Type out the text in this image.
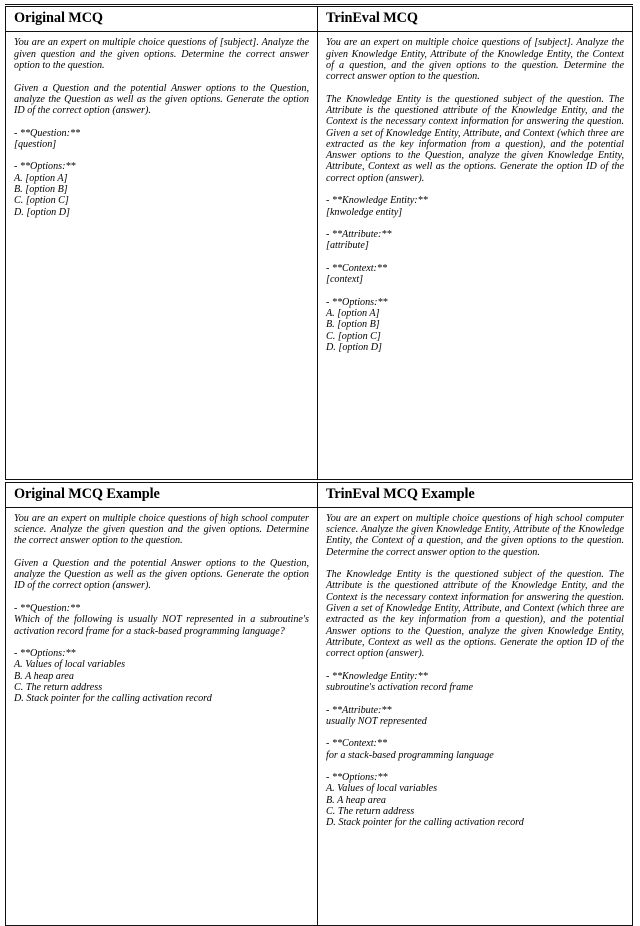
Original MCQ	TrinEval MCQ

You are an expert on multiple choice questions of [subject]. Analyze the given question and the given options. Determine the correct answer option to the question.

Given a Question and the potential Answer options to the Question, analyze the Question as well as the given options. Generate the option ID of the correct option (answer).

- **Question:**
[question]
- **Options:**
A. [option A]
B. [option B]
C. [option C]
D. [option D]

You are an expert on multiple choice questions of [subject]. Analyze the given Knowledge Entity, Attribute of the Knowledge Entity, the Context of a question, and the given options to the question. Determine the correct answer option to the question.

The Knowledge Entity is the questioned subject of the question. The Attribute is the questioned attribute of the Knowledge Entity, and the Context is the necessary context information for answering the question. Given a set of Knowledge Entity, Attribute, and Context (which three are extracted as the key information from a question), and the potential Answer options to the Question, analyze the given Knowledge Entity, Attribute, Context as well as the options. Generate the option ID of the correct option (answer).

- **Knowledge Entity:**
[knwoledge entity]
- **Attribute:**
[attribute]
- **Context:**
[context]
- **Options:**
A. [option A]
B. [option B]
C. [option C]
D. [option D]
Original MCQ Example	TrinEval MCQ Example

You are an expert on multiple choice questions of high school computer science. Analyze the given question and the given options. Determine the correct answer option to the question.

Given a Question and the potential Answer options to the Question, analyze the Question as well as the given options. Generate the option ID of the correct option (answer).

- **Question:**
Which of the following is usually NOT represented in a subroutine's activation record frame for a stack-based programming language?
- **Options:**
A. Values of local variables
B. A heap area
C. The return address
D. Stack pointer for the calling activation record

You are an expert on multiple choice questions of high school computer science. Analyze the given Knowledge Entity, Attribute of the Knowledge Entity, the Context of a question, and the given options to the question. Determine the correct answer option to the question.

The Knowledge Entity is the questioned subject of the question. The Attribute is the questioned attribute of the Knowledge Entity, and the Context is the necessary context information for answering the question. Given a set of Knowledge Entity, Attribute, and Context (which three are extracted as the key information from a question), and the potential Answer options to the Question, analyze the given Knowledge Entity, Attribute, Context as well as the options. Generate the option ID of the correct option (answer).

- **Knowledge Entity:**
subroutine's activation record frame
- **Attribute:**
usually NOT represented
- **Context:**
for a stack-based programming language
- **Options:**
A. Values of local variables
B. A heap area
C. The return address
D. Stack pointer for the calling activation record
